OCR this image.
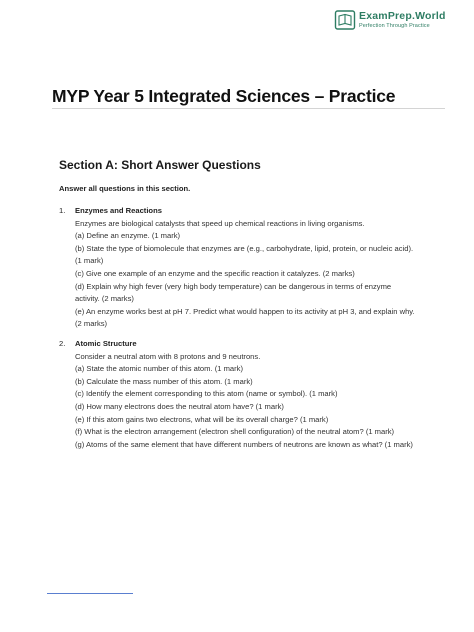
ExamPrep.World
Perfection Through Practice
MYP Year 5 Integrated Sciences – Practice
Section A: Short Answer Questions
Answer all questions in this section.
1.	Enzymes and Reactions
Enzymes are biological catalysts that speed up chemical reactions in living organisms.
(a) Define an enzyme. (1 mark)
(b) State the type of biomolecule that enzymes are (e.g., carbohydrate, lipid, protein, or nucleic acid).
(1 mark)
(c) Give one example of an enzyme and the specific reaction it catalyzes. (2 marks)
(d) Explain why high fever (very high body temperature) can be dangerous in terms of enzyme
activity. (2 marks)
(e) An enzyme works best at pH 7. Predict what would happen to its activity at pH 3, and explain why.
(2 marks)
2.	Atomic Structure
Consider a neutral atom with 8 protons and 9 neutrons.
(a) State the atomic number of this atom. (1 mark)
(b) Calculate the mass number of this atom. (1 mark)
(c) Identify the element corresponding to this atom (name or symbol). (1 mark)
(d) How many electrons does the neutral atom have? (1 mark)
(e) If this atom gains two electrons, what will be its overall charge? (1 mark)
(f) What is the electron arrangement (electron shell configuration) of the neutral atom? (1 mark)
(g) Atoms of the same element that have different numbers of neutrons are known as what? (1 mark)
